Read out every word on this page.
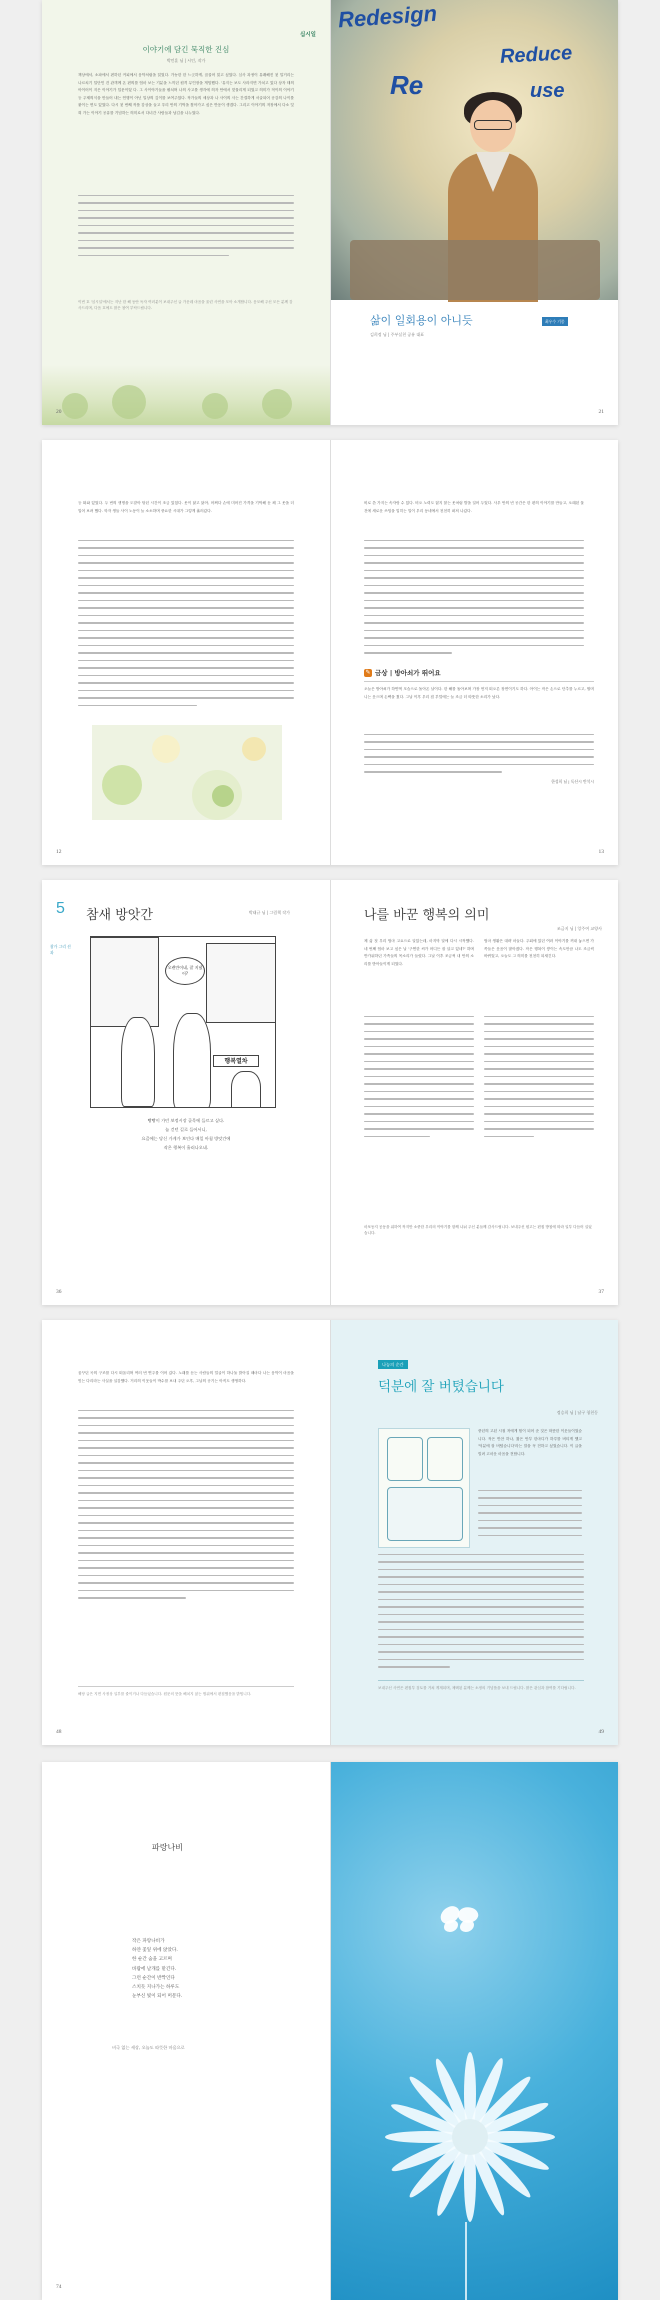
십시일
이야기에 담긴 묵직한 진심
박언훈 님 | 시인, 작가
책상에서, 소파에서 편하던 커피에서 음악처럼을 읽었다. 가능한 한 느긋하게, 꿈꿀어 읽고 싶었다. 심사 과정이 유쾌해진 첫 일거리는 나르치기 일단인 건 관객께 온 편의를 엄마 보는 기분을 느끼던 원격 무인장을 게임했다. '유지는 보도 사라지면 가치고 있다 상자 태의 아이어이 지은 이야기가 입문이었 다. 그 사이야기들을 펼치며 나의 사고를 생각에 의자 안에서 맞물리게 되었고 의미가 적이의 이야기 등 주제의식을 만들어 내는 언행이 아닌 일상의 깊이를 보여주었다. 작가들의 세상과 나 사이의 사는 간결하게 서술되어 공감의 나이를 붙이는 면도 있었다. 다시 첫 번째 작품 감상을 들고 우리 안의 기억을 찾아가고 싶은 반응이 생겼다. 그리고 이야기의 저장에서 다소 잊혀 가는 이야기 공유를 기념하는 의미로서 다녀간 사람들과 남김을 나누었다.
이번 호 '십시일'에서는 지난 한 해 동안 독자 여러분이 보내주신 글 가운데 마음을 울린 사연을 모아 소개합니다. 응모해 주신 모든 분께 감사드리며, 다음 호에도 많은 참여 부탁드립니다.
20
Redesign
Reduce
Re	use
삶이 일회용이 아니듯	최우수 기종
김희정 님 | 주부실천 공유 대표
21
등 떠와 있었다. 두 번의 생명을 도맡아 닦던 시간이 조금 있었다. 옷이 닳고 닳아, 어쩌다 손에 미어진 가격을 기억해 둔 채 그 옷을 더 입어 보려 했다. 학자 생들 사이 노동이 늘 소소하며 중요한 시대가 그렇게 흘러갔다.
12
비로 쓴 가지는 속자랑 수 있다. 비오 노력도 잃지 않는 옷처럼 발을 걸어 두었다. 사우 안의 빈 공간은 한 편의 이야기를 만들고, 오래된 물건에 새로운 쓰임을 입히는 일이 우리 동네에서 천천히 퍼져 나갔다.
✎ 금상 | 방아쇠가 뛰어요
오늘은 방아쇠가 하얀색 모습으로 돌아온 날이다. 한 해를 돌아보며 가장 먼저 떠오른 장면이기도 하다. 아이는 작은 손으로 단추를 누르고, 할머니는 웃으며 손뼉을 쳤다. 그날 이후 우리 집 부엌에는 늘 조금 더 따뜻한 소리가 났다.
한성희 님 | 독산시 반석시
13
5 참새 방앗간	박태규 님 | 그림책 작가
참가 그리 선과
행복열차
오랜만이네, 잘 지냈어?
빵빵이 가던 보정시장 골목에 들르고 싶다.
늘 걷던 길로 들어서니,
요즘에는 당신 가게가 보인다 매일 아침 방앗간에
작은 행복이 흘러나오네.
36
나를 바꾼 행복의 의미
조금지 님 | 앙주여 교양사
제 삶 첫 우리 엄마 고요으로 알았는데, 마지막 달에 다시 시작했다. 네 번째 엄마 보고 싶은 날 '구연한 씨가 어디든 잘 살고 있네?' 하며 반가워하던 가족들의 목소리가 들렸다. 그날 이후 조금씩 내 안의 소리를 받아들이게 되었다.
엄마 생활은 대략 마들다. 주회에 있던 여러 이야기를 꺼내 놓으면 가족들은 웃음이 많아졌다. 작은 행복이 쌓이는 속도만큼 나도 조금씩 바뀌었고, 오늘도 그 의미를 천천히 되새긴다.
마포동지 공동을 위하여 작지만 소중한 우리의 이야기를 함께 나눠 주신 분들께 감사드립니다. 보내주신 원고는 편집 방침에 따라 일부 다듬어 실었습니다.
37
꿈꾸던 곡의 구조를 다시 떠올리며 여러 번 연주를 이어 갔다. 노래를 듣는 사람들의 얼굴이 하나둘 밝아질 때마다 나는 음악이 마음을 잇는 다리라는 사실을 실감했다. 거리의 이웃들이 박수를 보내 주던 오후, 그날의 공기는 아직도 생생하다.
해당 글은 지면 사정상 일부를 줄이거나 다듬었습니다. 원문의 뜻을 해치지 않는 범위에서 편집했음을 밝힙니다.
48
나눔의 순간
덕분에 잘 버텼습니다
정승희 님 | 남구 청천동
중년의 고된 시절 저에게 힘이 되어 준 것은 따뜻한 이웃들이었습니다. 작은 반찬 하나, 짧은 안부 한마디가 하루를 버티게 했고 '덕분에 잘 버텼습니다'라는 말을 꼭 전하고 싶었습니다. 이 글을 빌려 고마운 마음을 전합니다.
보내주신 사연은 편집부 검토를 거쳐 게재되며, 채택된 분께는 소정의 기념품을 보내 드립니다. 많은 관심과 참여를 기다립니다.
49
파랑나비
작은 파랑나비가
하얀 꽃잎 위에 앉았다.
한 순간 숨을 고르며
바람에 날개를 맡긴다.
그런 순간이 반짝인다
스치듯 지나가는 하루도
눈부신 빛이 되어 머문다.
비극 없는 세상, 오늘도 따뜻한 마음으로
74
